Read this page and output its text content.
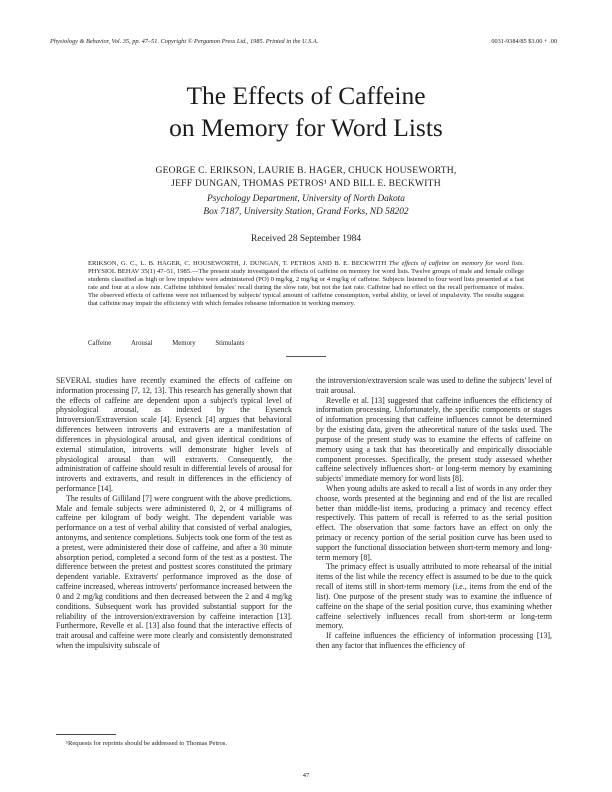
Physiology & Behavior, Vol. 35, pp. 47–51. Copyright © Pergamon Press Ltd., 1985. Printed in the U.S.A.	0031-9384/85 $3.00 + .00
The Effects of Caffeine
on Memory for Word Lists
GEORGE C. ERIKSON, LAURIE B. HAGER, CHUCK HOUSEWORTH,
JEFF DUNGAN, THOMAS PETROS¹ AND BILL E. BECKWITH
Psychology Department, University of North Dakota
Box 7187, University Station, Grand Forks, ND 58202
Received 28 September 1984
ERIKSON, G. C., L. B. HAGER, C. HOUSEWORTH, J. DUNGAN, T. PETROS AND B. E. BECKWITH The effects of caffeine on memory for word lists. PHYSIOL BEHAV 35(1) 47–51, 1985.—The present study investigated the effects of caffeine on memory for word lists. Twelve groups of male and female college students classified as high or low impulsive were administered (PO) 0 mg/kg, 2 mg/kg or 4 mg/kg of caffeine. Subjects listened to four word lists presented at a fast rate and four at a slow rate. Caffeine inhibited females' recall during the slow rate, but not the fast rate. Caffeine had no effect on the recall performance of males. The observed effects of caffeine were not influenced by subjects' typical amount of caffeine consumption, verbal ability, or level of impulsivity. The results suggest that caffeine may impair the efficiency with which females rehearse information in working memory.
Caffeine	Arousal	Memory	Stimulants

SEVERAL studies have recently examined the effects of caffeine on information processing [7, 12, 13]. This research has generally shown that the effects of caffeine are dependent upon a subject's typical level of physiological arousal, as indexed by the Eysenck Introversion/Extraversion scale [4]. Eysenck [4] argues that behavioral differences between introverts and extraverts are a manifestation of differences in physiological arousal, and given identical conditions of external stimulation, introverts will demonstrate higher levels of physiological arousal than will extraverts. Consequently, the administration of caffeine should result in differential levels of arousal for introverts and extraverts, and result in differences in the efficiency of performance [14].

The results of Gilliland [7] were congruent with the above predictions. Male and female subjects were administered 0, 2, or 4 milligrams of caffeine per kilogram of body weight. The dependent variable was performance on a test of verbal ability that consisted of verbal analogies, antonyms, and sentence completions. Subjects took one form of the test as a pretest, were administered their dose of caffeine, and after a 30 minute absorption period, completed a second form of the test as a posttest. The difference between the pretest and posttest scores constituted the primary dependent variable. Extraverts' performance improved as the dose of caffeine increased, whereas introverts' performance increased between the 0 and 2 mg/kg conditions and then decreased between the 2 and 4 mg/kg conditions. Subsequent work has provided substantial support for the reliability of the introversion/extraversion by caffeine interaction [13]. Furthermore, Revelle et al. [13] also found that the interactive effects of trait arousal and caffeine were more clearly and consistently demonstrated when the impulsivity subscale of

the introversion/extraversion scale was used to define the subjects' level of trait arousal.

Revelle et al. [13] suggested that caffeine influences the efficiency of information processing. Unfortunately, the specific components or stages of information processing that caffeine influences cannot be determined by the existing data, given the atheoretical nature of the tasks used. The purpose of the present study was to examine the effects of caffeine on memory using a task that has theoretically and empirically dissociable component processes. Specifically, the present study assessed whether caffeine selectively influences short- or long-term memory by examining subjects' immediate memory for word lists [8].

When young adults are asked to recall a list of words in any order they choose, words presented at the beginning and end of the list are recalled better than middle-list items, producing a primacy and recency effect respectively. This pattern of recall is referred to as the serial position effect. The observation that some factors have an effect on only the primacy or recency portion of the serial position curve has been used to support the functional dissociation between short-term memory and long-term memory [8].

The primacy effect is usually attributed to more rehearsal of the initial items of the list while the recency effect is assumed to be due to the quick recall of items still in short-term memory (i.e., items from the end of the list). One purpose of the present study was to examine the influence of caffeine on the shape of the serial position curve, thus examining whether caffeine selectively influences recall from short-term or long-term memory.

If caffeine influences the efficiency of information processing [13], then any factor that influences the efficiency of

¹Requests for reprints should be addressed to Thomas Petros.
47
